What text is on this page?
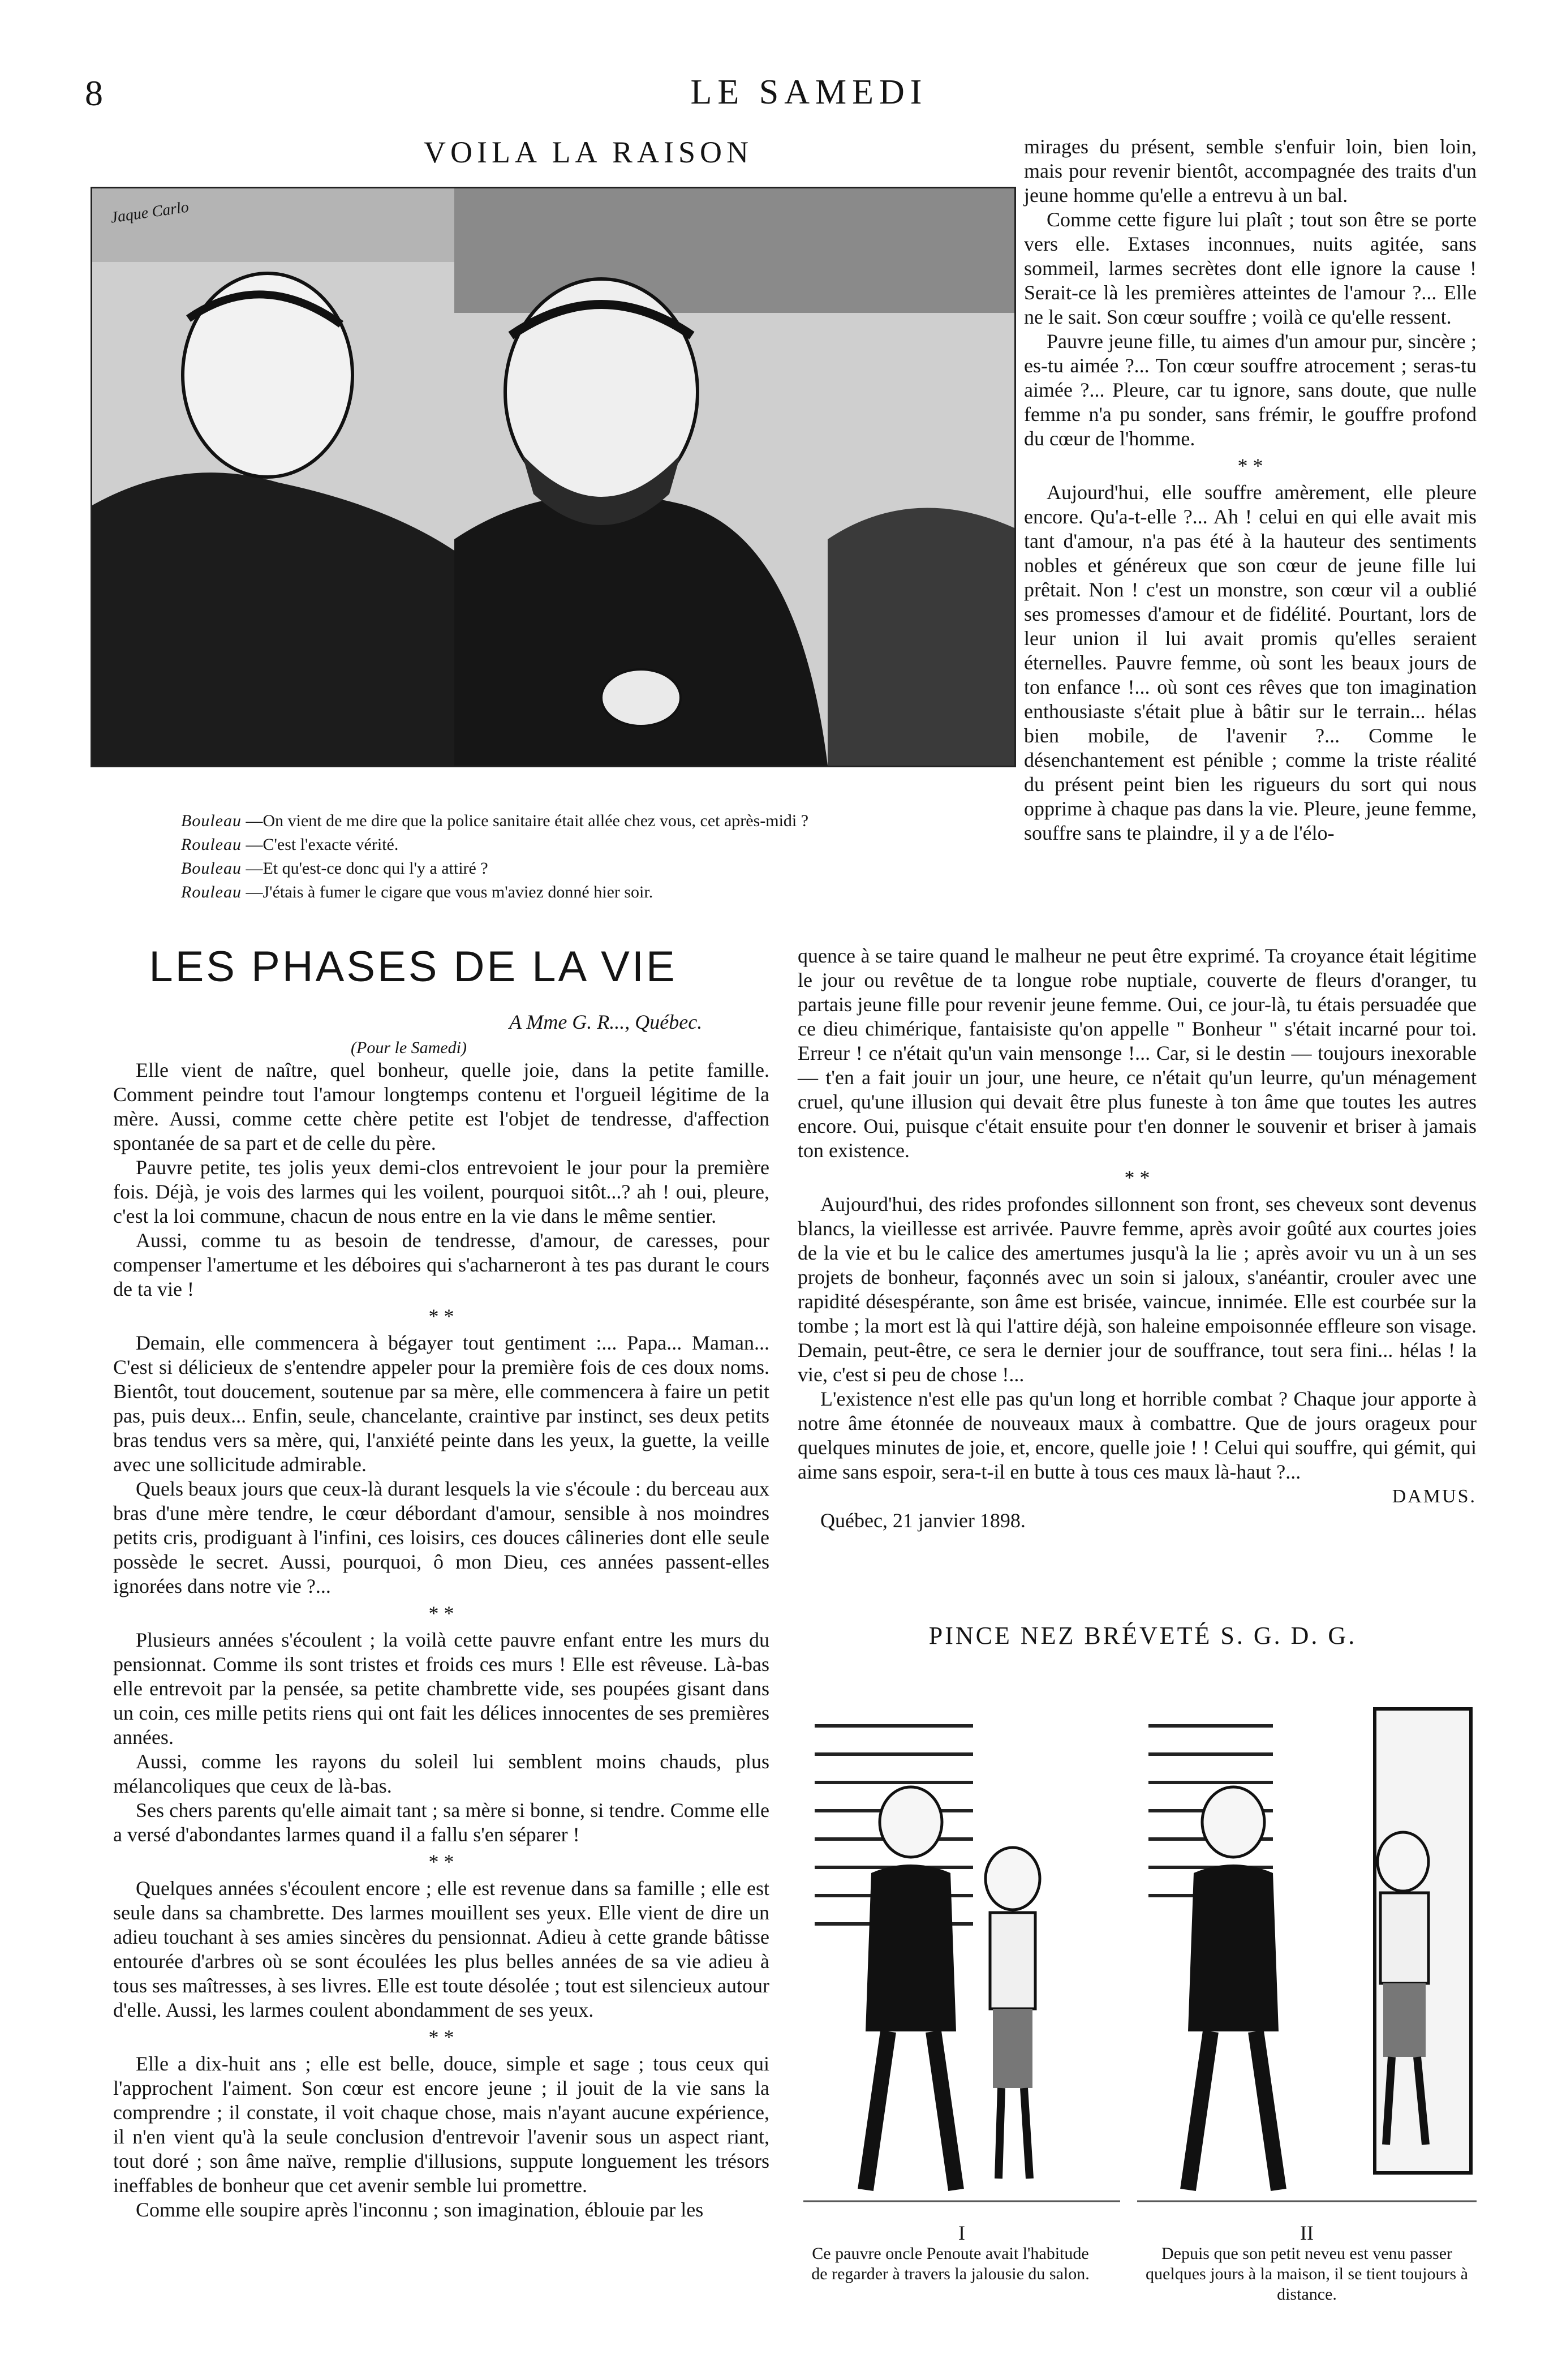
8	LE SAMEDI
VOILA LA RAISON
Jaque Carlo

Bouleau —On vient de me dire que la police sanitaire était allée chez vous, cet après-midi ?

Rouleau —C'est l'exacte vérité.

Bouleau —Et qu'est-ce donc qui l'y a attiré ?

Rouleau —J'étais à fumer le cigare que vous m'aviez donné hier soir.

LES PHASES DE LA VIE
A Mme G. R..., Québec.
(Pour le Samedi)

Elle vient de naître, quel bonheur, quelle joie, dans la petite famille. Comment peindre tout l'amour longtemps contenu et l'orgueil légitime de la mère. Aussi, comme cette chère petite est l'objet de tendresse, d'affection spontanée de sa part et de celle du père.

Pauvre petite, tes jolis yeux demi-clos entrevoient le jour pour la première fois. Déjà, je vois des larmes qui les voilent, pourquoi sitôt...? ah ! oui, pleure, c'est la loi commune, chacun de nous entre en la vie dans le même sentier.

Aussi, comme tu as besoin de tendresse, d'amour, de caresses, pour compenser l'amertume et les déboires qui s'acharneront à tes pas durant le cours de ta vie !

* *

Demain, elle commencera à bégayer tout gentiment :... Papa... Maman... C'est si délicieux de s'entendre appeler pour la première fois de ces doux noms. Bientôt, tout doucement, soutenue par sa mère, elle commencera à faire un petit pas, puis deux... Enfin, seule, chancelante, craintive par instinct, ses deux petits bras tendus vers sa mère, qui, l'anxiété peinte dans les yeux, la guette, la veille avec une sollicitude admirable.

Quels beaux jours que ceux-là durant lesquels la vie s'écoule : du berceau aux bras d'une mère tendre, le cœur débordant d'amour, sensible à nos moindres petits cris, prodiguant à l'infini, ces loisirs, ces douces câlineries dont elle seule possède le secret. Aussi, pourquoi, ô mon Dieu, ces années passent-elles ignorées dans notre vie ?...

* *

Plusieurs années s'écoulent ; la voilà cette pauvre enfant entre les murs du pensionnat. Comme ils sont tristes et froids ces murs ! Elle est rêveuse. Là-bas elle entrevoit par la pensée, sa petite chambrette vide, ses poupées gisant dans un coin, ces mille petits riens qui ont fait les délices innocentes de ses premières années.

Aussi, comme les rayons du soleil lui semblent moins chauds, plus mélancoliques que ceux de là-bas.

Ses chers parents qu'elle aimait tant ; sa mère si bonne, si tendre. Comme elle a versé d'abondantes larmes quand il a fallu s'en séparer !

* *

Quelques années s'écoulent encore ; elle est revenue dans sa famille ; elle est seule dans sa chambrette. Des larmes mouillent ses yeux. Elle vient de dire un adieu touchant à ses amies sincères du pensionnat. Adieu à cette grande bâtisse entourée d'arbres où se sont écoulées les plus belles années de sa vie adieu à tous ses maîtresses, à ses livres. Elle est toute désolée ; tout est silencieux autour d'elle. Aussi, les larmes coulent abondamment de ses yeux.

* *

Elle a dix-huit ans ; elle est belle, douce, simple et sage ; tous ceux qui l'approchent l'aiment. Son cœur est encore jeune ; il jouit de la vie sans la comprendre ; il constate, il voit chaque chose, mais n'ayant aucune expérience, il n'en vient qu'à la seule conclusion d'entrevoir l'avenir sous un aspect riant, tout doré ; son âme naïve, remplie d'illusions, suppute longuement les trésors ineffables de bonheur que cet avenir semble lui promettre.

Comme elle soupire après l'inconnu ; son imagination, éblouie par les

mirages du présent, semble s'enfuir loin, bien loin, mais pour revenir bientôt, accompagnée des traits d'un jeune homme qu'elle a entrevu à un bal.

Comme cette figure lui plaît ; tout son être se porte vers elle. Extases inconnues, nuits agitée, sans sommeil, larmes secrètes dont elle ignore la cause ! Serait-ce là les premières atteintes de l'amour ?... Elle ne le sait. Son cœur souffre ; voilà ce qu'elle ressent.

Pauvre jeune fille, tu aimes d'un amour pur, sincère ; es-tu aimée ?... Ton cœur souffre atrocement ; seras-tu aimée ?... Pleure, car tu ignore, sans doute, que nulle femme n'a pu sonder, sans frémir, le gouffre profond du cœur de l'homme.

* *

Aujourd'hui, elle souffre amèrement, elle pleure encore. Qu'a-t-elle ?... Ah ! celui en qui elle avait mis tant d'amour, n'a pas été à la hauteur des sentiments nobles et généreux que son cœur de jeune fille lui prêtait. Non ! c'est un monstre, son cœur vil a oublié ses promesses d'amour et de fidélité. Pourtant, lors de leur union il lui avait promis qu'elles seraient éternelles. Pauvre femme, où sont les beaux jours de ton enfance !... où sont ces rêves que ton imagination enthousiaste s'était plue à bâtir sur le terrain... hélas bien mobile, de l'avenir ?... Comme le désenchantement est pénible ; comme la triste réalité du présent peint bien les rigueurs du sort qui nous opprime à chaque pas dans la vie. Pleure, jeune femme, souffre sans te plaindre, il y a de l'élo-

quence à se taire quand le malheur ne peut être exprimé. Ta croyance était légitime le jour ou revêtue de ta longue robe nuptiale, couverte de fleurs d'oranger, tu partais jeune fille pour revenir jeune femme. Oui, ce jour-là, tu étais persuadée que ce dieu chimérique, fantaisiste qu'on appelle " Bonheur " s'était incarné pour toi. Erreur ! ce n'était qu'un vain mensonge !... Car, si le destin — toujours inexorable — t'en a fait jouir un jour, une heure, ce n'était qu'un leurre, qu'un ménagement cruel, qu'une illusion qui devait être plus funeste à ton âme que toutes les autres encore. Oui, puisque c'était ensuite pour t'en donner le souvenir et briser à jamais ton existence.

* *

Aujourd'hui, des rides profondes sillonnent son front, ses cheveux sont devenus blancs, la vieillesse est arrivée. Pauvre femme, après avoir goûté aux courtes joies de la vie et bu le calice des amertumes jusqu'à la lie ; après avoir vu un à un ses projets de bonheur, façonnés avec un soin si jaloux, s'anéantir, crouler avec une rapidité désespérante, son âme est brisée, vaincue, innimée. Elle est courbée sur la tombe ; la mort est là qui l'attire déjà, son haleine empoisonnée effleure son visage. Demain, peut-être, ce sera le dernier jour de souffrance, tout sera fini... hélas ! la vie, c'est si peu de chose !...

L'existence n'est elle pas qu'un long et horrible combat ? Chaque jour apporte à notre âme étonnée de nouveaux maux à combattre. Que de jours orageux pour quelques minutes de joie, et, encore, quelle joie ! ! Celui qui souffre, qui gémit, qui aime sans espoir, sera-t-il en butte à tous ces maux là-haut ?...

DAMUS.
Québec, 21 janvier 1898.
PINCE NEZ BRÉVETÉ S. G. D. G.
I
Ce pauvre oncle Penoute avait l'habitude de regarder à travers la jalousie du salon.
II
Depuis que son petit neveu est venu passer quelques jours à la maison, il se tient toujours à distance.
